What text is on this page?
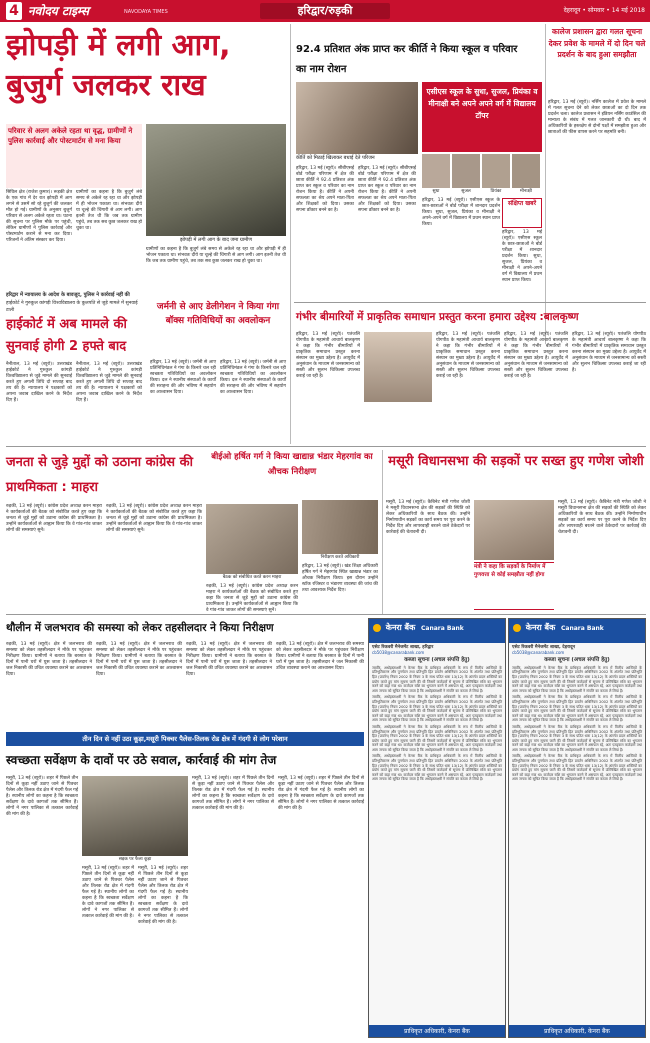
4 नवोदय टाइम्स	NAVODAYA TIMES	हरिद्वार/रुड़की	देहरादून • सोमवार • 14 मई 2018
झोपड़ी में लगी आग, बुजुर्ग जलकर राख
परिवार से अलग अकेले रहता था वृद्ध, ग्रामीणों ने पुलिस कार्रवाई और पोस्टमार्टम से मना किया
सिविल क्षेत्र (राजेश कुमार)। रूड़की क्षेत्र के एक गांव में देर रात झोपड़ी में आग लगने से उसमें सो रहे बुजुर्ग की जलकर मौत हो गई। ग्रामीणों के अनुसार बुजुर्ग परिवार से अलग अकेले रहता था। घटना की सूचना पर पुलिस मौके पर पहुंची, लेकिन ग्रामीणों ने पुलिस कार्रवाई और पोस्टमार्टम कराने से मना कर दिया। परिजनों ने अंतिम संस्कार कर दिया।
ग्रामीणों का कहना है कि बुजुर्ग लंबे समय से अकेले रह रहा था और झोपड़ी में ही भोजन पकाता था। संभवतः दीये या चूल्हे की चिंगारी से आग लगी। आग इतनी तेज थी कि जब तक ग्रामीण पहुंचे, तब तक सब कुछ जलकर राख हो चुका था।
झोपड़ी में लगी आग के बाद जमा ग्रामीण
ग्रामीणों का कहना है कि बुजुर्ग लंबे समय से अकेले रह रहा था और झोपड़ी में ही भोजन पकाता था। संभवतः दीये या चूल्हे की चिंगारी से आग लगी। आग इतनी तेज थी कि जब तक ग्रामीण पहुंचे, तब तक सब कुछ जलकर राख हो चुका था।
हरिद्वार में न्यायालय के आदेश के बावजूद, पुलिस ने कार्रवाई नहीं की
हाईकोर्ट ने गुरुकुल कांगड़ी विश्वविद्यालय के कुलपति से जुड़े मामले में सुनवाई टाली
हाईकोर्ट में अब मामले की सुनवाई होगी 2 हफ्ते बाद
नैनीताल, 13 मई (ब्यूरो)। उत्तराखंड हाईकोर्ट ने गुरुकुल कांगड़ी विश्वविद्यालय से जुड़े मामले की सुनवाई करते हुए अगली तिथि दो सप्ताह बाद तय की है। न्यायालय ने पक्षकारों को अपना जवाब दाखिल करने के निर्देश दिए हैं।
नैनीताल, 13 मई (ब्यूरो)। उत्तराखंड हाईकोर्ट ने गुरुकुल कांगड़ी विश्वविद्यालय से जुड़े मामले की सुनवाई करते हुए अगली तिथि दो सप्ताह बाद तय की है। न्यायालय ने पक्षकारों को अपना जवाब दाखिल करने के निर्देश दिए हैं।
जर्मनी से आए डेलीगेशन ने किया गंगा बॉक्स गतिविधियों का अवलोकन
हरिद्वार, 13 मई (ब्यूरो)। जर्मनी से आए प्रतिनिधिमंडल ने गंगा के किनारे चल रही स्वच्छता गतिविधियों का अवलोकन किया। दल ने स्थानीय संस्थाओं के कार्यों की सराहना की और भविष्य में सहयोग का आश्वासन दिया।
हरिद्वार, 13 मई (ब्यूरो)। जर्मनी से आए प्रतिनिधिमंडल ने गंगा के किनारे चल रही स्वच्छता गतिविधियों का अवलोकन किया। दल ने स्थानीय संस्थाओं के कार्यों की सराहना की और भविष्य में सहयोग का आश्वासन दिया।
92.4 प्रतिशत अंक प्राप्त कर कीर्ति ने किया स्कूल व परिवार का नाम रोशन
कीर्ति को मिठाई खिलाकर बधाई देते परिजन
हरिद्वार, 13 मई (ब्यूरो)। सीबीएसई बोर्ड परीक्षा परिणाम में क्षेत्र की छात्रा कीर्ति ने 92.4 प्रतिशत अंक प्राप्त कर स्कूल व परिवार का नाम रोशन किया है। कीर्ति ने अपनी सफलता का श्रेय अपने माता-पिता और शिक्षकों को दिया। उसका सपना डॉक्टर बनने का है।
हरिद्वार, 13 मई (ब्यूरो)। सीबीएसई बोर्ड परीक्षा परिणाम में क्षेत्र की छात्रा कीर्ति ने 92.4 प्रतिशत अंक प्राप्त कर स्कूल व परिवार का नाम रोशन किया है। कीर्ति ने अपनी सफलता का श्रेय अपने माता-पिता और शिक्षकों को दिया। उसका सपना डॉक्टर बनने का है।
एसीएस स्कूल के सुधा, सुजल, प्रियंका व मीनाक्षी बने अपने अपने वर्ग में विद्यालय टॉपर
सुधा	सुजल	प्रियंका	मीनाक्षी
हरिद्वार, 13 मई (ब्यूरो)। एसीएस स्कूल के छात्र-छात्राओं ने बोर्ड परीक्षा में शानदार प्रदर्शन किया। सुधा, सुजल, प्रियंका व मीनाक्षी ने अपने-अपने वर्ग में विद्यालय में प्रथम स्थान प्राप्त किया।
संक्षिप्त खबरें
हरिद्वार, 13 मई (ब्यूरो)। एसीएस स्कूल के छात्र-छात्राओं ने बोर्ड परीक्षा में शानदार प्रदर्शन किया। सुधा, सुजल, प्रियंका व मीनाक्षी ने अपने-अपने वर्ग में विद्यालय में प्रथम स्थान प्राप्त किया।
कालेज प्रशासन द्वारा गलत सूचना देकर प्रवेश के मामले में दो दिन चले प्रदर्शन के बाद हुआ समझौता
हरिद्वार, 13 मई (ब्यूरो)। नर्सिंग कालेज में प्रवेश के मामले में गलत सूचना देने को लेकर छात्राओं का दो दिन तक प्रदर्शन चला। कालेज प्रशासन ने इंडियन नर्सिंग काउंसिल की मान्यता के संबंध में गलत जानकारी दी थी। बाद में अधिकारियों के हस्तक्षेप से दोनों पक्षों में समझौता हुआ और छात्राओं की फीस वापस करने पर सहमति बनी।
गंभीर बीमारियों में प्राकृतिक समाधान प्रस्तुत करना हमारा उद्देश्य :बालकृष्ण
हरिद्वार, 13 मई (ब्यूरो)। पतंजलि योगपीठ के महामंत्री आचार्य बालकृष्ण ने कहा कि गंभीर बीमारियों में प्राकृतिक समाधान प्रस्तुत करना संस्थान का मुख्य उद्देश्य है। आयुर्वेद में अनुसंधान के माध्यम से जनसामान्य को सस्ती और सुलभ चिकित्सा उपलब्ध कराई जा रही है।
हरिद्वार, 13 मई (ब्यूरो)। पतंजलि योगपीठ के महामंत्री आचार्य बालकृष्ण ने कहा कि गंभीर बीमारियों में प्राकृतिक समाधान प्रस्तुत करना संस्थान का मुख्य उद्देश्य है। आयुर्वेद में अनुसंधान के माध्यम से जनसामान्य को सस्ती और सुलभ चिकित्सा उपलब्ध कराई जा रही है।
हरिद्वार, 13 मई (ब्यूरो)। पतंजलि योगपीठ के महामंत्री आचार्य बालकृष्ण ने कहा कि गंभीर बीमारियों में प्राकृतिक समाधान प्रस्तुत करना संस्थान का मुख्य उद्देश्य है। आयुर्वेद में अनुसंधान के माध्यम से जनसामान्य को सस्ती और सुलभ चिकित्सा उपलब्ध कराई जा रही है।
हरिद्वार, 13 मई (ब्यूरो)। पतंजलि योगपीठ के महामंत्री आचार्य बालकृष्ण ने कहा कि गंभीर बीमारियों में प्राकृतिक समाधान प्रस्तुत करना संस्थान का मुख्य उद्देश्य है। आयुर्वेद में अनुसंधान के माध्यम से जनसामान्य को सस्ती और सुलभ चिकित्सा उपलब्ध कराई जा रही है।
जनता से जुड़े मुद्दों को उठाना कांग्रेस की प्राथमिकता : माहरा
रुड़की, 13 मई (ब्यूरो)। कांग्रेस प्रदेश अध्यक्ष करन माहरा ने कार्यकर्ताओं की बैठक को संबोधित करते हुए कहा कि जनता से जुड़े मुद्दों को उठाना कांग्रेस की प्राथमिकता है। उन्होंने कार्यकर्ताओं से आह्वान किया कि वे गांव-गांव जाकर लोगों की समस्याएं सुनें।
रुड़की, 13 मई (ब्यूरो)। कांग्रेस प्रदेश अध्यक्ष करन माहरा ने कार्यकर्ताओं की बैठक को संबोधित करते हुए कहा कि जनता से जुड़े मुद्दों को उठाना कांग्रेस की प्राथमिकता है। उन्होंने कार्यकर्ताओं से आह्वान किया कि वे गांव-गांव जाकर लोगों की समस्याएं सुनें।
बैठक को संबोधित करते करन माहरा
रुड़की, 13 मई (ब्यूरो)। कांग्रेस प्रदेश अध्यक्ष करन माहरा ने कार्यकर्ताओं की बैठक को संबोधित करते हुए कहा कि जनता से जुड़े मुद्दों को उठाना कांग्रेस की प्राथमिकता है। उन्होंने कार्यकर्ताओं से आह्वान किया कि वे गांव-गांव जाकर लोगों की समस्याएं सुनें।
बीईओ हर्षित गर्ग ने किया खाद्यान्न भंडार मेहरगांव का औचक निरीक्षण
निरीक्षण करते अधिकारी
हरिद्वार, 13 मई (ब्यूरो)। खंड शिक्षा अधिकारी हर्षित गर्ग ने मेहरगांव स्थित खाद्यान्न भंडार का औचक निरीक्षण किया। इस दौरान उन्होंने स्टॉक रजिस्टर व भंडारण व्यवस्था की जांच की तथा आवश्यक निर्देश दिए।
मसूरी विधानसभा की सड़कों पर सख्त हुए गणेश जोशी
मसूरी, 13 मई (ब्यूरो)। कैबिनेट मंत्री गणेश जोशी ने मसूरी विधानसभा क्षेत्र की सड़कों की स्थिति को लेकर अधिकारियों के साथ बैठक की। उन्होंने निर्माणाधीन सड़कों का कार्य समय पर पूरा करने के निर्देश दिए और लापरवाही बरतने वाले ठेकेदारों पर कार्रवाई की चेतावनी दी।
मंत्री ने कहा कि सड़कों के निर्माण में गुणवत्ता से कोई समझौता नहीं होगा
मसूरी, 13 मई (ब्यूरो)। कैबिनेट मंत्री गणेश जोशी ने मसूरी विधानसभा क्षेत्र की सड़कों की स्थिति को लेकर अधिकारियों के साथ बैठक की। उन्होंने निर्माणाधीन सड़कों का कार्य समय पर पूरा करने के निर्देश दिए और लापरवाही बरतने वाले ठेकेदारों पर कार्रवाई की चेतावनी दी।
थौलीन में जलभराव की समस्या को लेकर तहसीलदार ने किया निरीक्षण
रुड़की, 13 मई (ब्यूरो)। क्षेत्र में जलभराव की समस्या को लेकर तहसीलदार ने मौके पर पहुंचकर निरीक्षण किया। ग्रामीणों ने बताया कि बरसात के दिनों में पानी घरों में घुस जाता है। तहसीलदार ने जल निकासी की उचित व्यवस्था कराने का आश्वासन दिया।
रुड़की, 13 मई (ब्यूरो)। क्षेत्र में जलभराव की समस्या को लेकर तहसीलदार ने मौके पर पहुंचकर निरीक्षण किया। ग्रामीणों ने बताया कि बरसात के दिनों में पानी घरों में घुस जाता है। तहसीलदार ने जल निकासी की उचित व्यवस्था कराने का आश्वासन दिया।
रुड़की, 13 मई (ब्यूरो)। क्षेत्र में जलभराव की समस्या को लेकर तहसीलदार ने मौके पर पहुंचकर निरीक्षण किया। ग्रामीणों ने बताया कि बरसात के दिनों में पानी घरों में घुस जाता है। तहसीलदार ने जल निकासी की उचित व्यवस्था कराने का आश्वासन दिया।
रुड़की, 13 मई (ब्यूरो)। क्षेत्र में जलभराव की समस्या को लेकर तहसीलदार ने मौके पर पहुंचकर निरीक्षण किया। ग्रामीणों ने बताया कि बरसात के दिनों में पानी घरों में घुस जाता है। तहसीलदार ने जल निकासी की उचित व्यवस्था कराने का आश्वासन दिया।
तीन दिन से नहीं उठा कूड़ा,मसूरी पिक्चर पैलेस-तिलक रोड क्षेत्र में गंदगी से लोग परेशान
स्वच्छता सर्वेक्षण के दावों पर उठे सवाल, कार्रवाई की मांग तेज
मसूरी, 13 मई (ब्यूरो)। शहर में पिछले तीन दिनों से कूड़ा नहीं उठाए जाने से पिक्चर पैलेस और तिलक रोड क्षेत्र में गंदगी फैल गई है। स्थानीय लोगों का कहना है कि स्वच्छता सर्वेक्षण के दावे कागजों तक सीमित हैं। लोगों ने नगर पालिका से तत्काल कार्रवाई की मांग की है।
सड़क पर फैला कूड़ा
मसूरी, 13 मई (ब्यूरो)। शहर में पिछले तीन दिनों से कूड़ा नहीं उठाए जाने से पिक्चर पैलेस और तिलक रोड क्षेत्र में गंदगी फैल गई है। स्थानीय लोगों का कहना है कि स्वच्छता सर्वेक्षण के दावे कागजों तक सीमित हैं। लोगों ने नगर पालिका से तत्काल कार्रवाई की मांग की है।
मसूरी, 13 मई (ब्यूरो)। शहर में पिछले तीन दिनों से कूड़ा नहीं उठाए जाने से पिक्चर पैलेस और तिलक रोड क्षेत्र में गंदगी फैल गई है। स्थानीय लोगों का कहना है कि स्वच्छता सर्वेक्षण के दावे कागजों तक सीमित हैं। लोगों ने नगर पालिका से तत्काल कार्रवाई की मांग की है।
मसूरी, 13 मई (ब्यूरो)। शहर में पिछले तीन दिनों से कूड़ा नहीं उठाए जाने से पिक्चर पैलेस और तिलक रोड क्षेत्र में गंदगी फैल गई है। स्थानीय लोगों का कहना है कि स्वच्छता सर्वेक्षण के दावे कागजों तक सीमित हैं। लोगों ने नगर पालिका से तत्काल कार्रवाई की मांग की है।
मसूरी, 13 मई (ब्यूरो)। शहर में पिछले तीन दिनों से कूड़ा नहीं उठाए जाने से पिक्चर पैलेस और तिलक रोड क्षेत्र में गंदगी फैल गई है। स्थानीय लोगों का कहना है कि स्वच्छता सर्वेक्षण के दावे कागजों तक सीमित हैं। लोगों ने नगर पालिका से तत्काल कार्रवाई की मांग की है।
केनरा बैंक Canara Bank
एसेट रिकवरी मैनेजमेंट शाखा, हरिद्वार
cb5038@canarabank.com
कब्जा सूचना (अचल संपत्ति हेतु)
जबकि, अधोहस्ताक्षरी ने केनरा बैंक के प्राधिकृत अधिकारी के रूप में वित्तीय आस्तियों के प्रतिभूतिकरण और पुनर्गठन तथा प्रतिभूति हित प्रवर्तन अधिनियम 2002 के अंतर्गत तथा प्रतिभूति हित (प्रवर्तन) नियम 2002 के नियम 3 के साथ पठित धारा 13(12) के अंतर्गत प्रदत्त शक्तियों का प्रयोग करते हुए मांग सूचना जारी की थी जिसमें कर्जदारों से सूचना में उल्लिखित राशि का भुगतान करने को कहा गया था। कर्जदार राशि का भुगतान करने में असफल रहे, अतः एतद्द्वारा कर्जदारों तथा आम जनता को सूचित किया जाता है कि अधोहस्ताक्षरी ने संपत्ति का कब्जा ले लिया है।
जबकि, अधोहस्ताक्षरी ने केनरा बैंक के प्राधिकृत अधिकारी के रूप में वित्तीय आस्तियों के प्रतिभूतिकरण और पुनर्गठन तथा प्रतिभूति हित प्रवर्तन अधिनियम 2002 के अंतर्गत तथा प्रतिभूति हित (प्रवर्तन) नियम 2002 के नियम 3 के साथ पठित धारा 13(12) के अंतर्गत प्रदत्त शक्तियों का प्रयोग करते हुए मांग सूचना जारी की थी जिसमें कर्जदारों से सूचना में उल्लिखित राशि का भुगतान करने को कहा गया था। कर्जदार राशि का भुगतान करने में असफल रहे, अतः एतद्द्वारा कर्जदारों तथा आम जनता को सूचित किया जाता है कि अधोहस्ताक्षरी ने संपत्ति का कब्जा ले लिया है।
जबकि, अधोहस्ताक्षरी ने केनरा बैंक के प्राधिकृत अधिकारी के रूप में वित्तीय आस्तियों के प्रतिभूतिकरण और पुनर्गठन तथा प्रतिभूति हित प्रवर्तन अधिनियम 2002 के अंतर्गत तथा प्रतिभूति हित (प्रवर्तन) नियम 2002 के नियम 3 के साथ पठित धारा 13(12) के अंतर्गत प्रदत्त शक्तियों का प्रयोग करते हुए मांग सूचना जारी की थी जिसमें कर्जदारों से सूचना में उल्लिखित राशि का भुगतान करने को कहा गया था। कर्जदार राशि का भुगतान करने में असफल रहे, अतः एतद्द्वारा कर्जदारों तथा आम जनता को सूचित किया जाता है कि अधोहस्ताक्षरी ने संपत्ति का कब्जा ले लिया है।
जबकि, अधोहस्ताक्षरी ने केनरा बैंक के प्राधिकृत अधिकारी के रूप में वित्तीय आस्तियों के प्रतिभूतिकरण और पुनर्गठन तथा प्रतिभूति हित प्रवर्तन अधिनियम 2002 के अंतर्गत तथा प्रतिभूति हित (प्रवर्तन) नियम 2002 के नियम 3 के साथ पठित धारा 13(12) के अंतर्गत प्रदत्त शक्तियों का प्रयोग करते हुए मांग सूचना जारी की थी जिसमें कर्जदारों से सूचना में उल्लिखित राशि का भुगतान करने को कहा गया था। कर्जदार राशि का भुगतान करने में असफल रहे, अतः एतद्द्वारा कर्जदारों तथा आम जनता को सूचित किया जाता है कि अधोहस्ताक्षरी ने संपत्ति का कब्जा ले लिया है।
प्राधिकृत अधिकारी, केनरा बैंक
केनरा बैंक Canara Bank
एसेट रिकवरी मैनेजमेंट शाखा, देहरादून
cb5038@canarabank.com
कब्जा सूचना (अचल संपत्ति हेतु)
जबकि, अधोहस्ताक्षरी ने केनरा बैंक के प्राधिकृत अधिकारी के रूप में वित्तीय आस्तियों के प्रतिभूतिकरण और पुनर्गठन तथा प्रतिभूति हित प्रवर्तन अधिनियम 2002 के अंतर्गत तथा प्रतिभूति हित (प्रवर्तन) नियम 2002 के नियम 3 के साथ पठित धारा 13(12) के अंतर्गत प्रदत्त शक्तियों का प्रयोग करते हुए मांग सूचना जारी की थी जिसमें कर्जदारों से सूचना में उल्लिखित राशि का भुगतान करने को कहा गया था। कर्जदार राशि का भुगतान करने में असफल रहे, अतः एतद्द्वारा कर्जदारों तथा आम जनता को सूचित किया जाता है कि अधोहस्ताक्षरी ने संपत्ति का कब्जा ले लिया है।
जबकि, अधोहस्ताक्षरी ने केनरा बैंक के प्राधिकृत अधिकारी के रूप में वित्तीय आस्तियों के प्रतिभूतिकरण और पुनर्गठन तथा प्रतिभूति हित प्रवर्तन अधिनियम 2002 के अंतर्गत तथा प्रतिभूति हित (प्रवर्तन) नियम 2002 के नियम 3 के साथ पठित धारा 13(12) के अंतर्गत प्रदत्त शक्तियों का प्रयोग करते हुए मांग सूचना जारी की थी जिसमें कर्जदारों से सूचना में उल्लिखित राशि का भुगतान करने को कहा गया था। कर्जदार राशि का भुगतान करने में असफल रहे, अतः एतद्द्वारा कर्जदारों तथा आम जनता को सूचित किया जाता है कि अधोहस्ताक्षरी ने संपत्ति का कब्जा ले लिया है।
जबकि, अधोहस्ताक्षरी ने केनरा बैंक के प्राधिकृत अधिकारी के रूप में वित्तीय आस्तियों के प्रतिभूतिकरण और पुनर्गठन तथा प्रतिभूति हित प्रवर्तन अधिनियम 2002 के अंतर्गत तथा प्रतिभूति हित (प्रवर्तन) नियम 2002 के नियम 3 के साथ पठित धारा 13(12) के अंतर्गत प्रदत्त शक्तियों का प्रयोग करते हुए मांग सूचना जारी की थी जिसमें कर्जदारों से सूचना में उल्लिखित राशि का भुगतान करने को कहा गया था। कर्जदार राशि का भुगतान करने में असफल रहे, अतः एतद्द्वारा कर्जदारों तथा आम जनता को सूचित किया जाता है कि अधोहस्ताक्षरी ने संपत्ति का कब्जा ले लिया है।
जबकि, अधोहस्ताक्षरी ने केनरा बैंक के प्राधिकृत अधिकारी के रूप में वित्तीय आस्तियों के प्रतिभूतिकरण और पुनर्गठन तथा प्रतिभूति हित प्रवर्तन अधिनियम 2002 के अंतर्गत तथा प्रतिभूति हित (प्रवर्तन) नियम 2002 के नियम 3 के साथ पठित धारा 13(12) के अंतर्गत प्रदत्त शक्तियों का प्रयोग करते हुए मांग सूचना जारी की थी जिसमें कर्जदारों से सूचना में उल्लिखित राशि का भुगतान करने को कहा गया था। कर्जदार राशि का भुगतान करने में असफल रहे, अतः एतद्द्वारा कर्जदारों तथा आम जनता को सूचित किया जाता है कि अधोहस्ताक्षरी ने संपत्ति का कब्जा ले लिया है।
प्राधिकृत अधिकारी, केनरा बैंक
